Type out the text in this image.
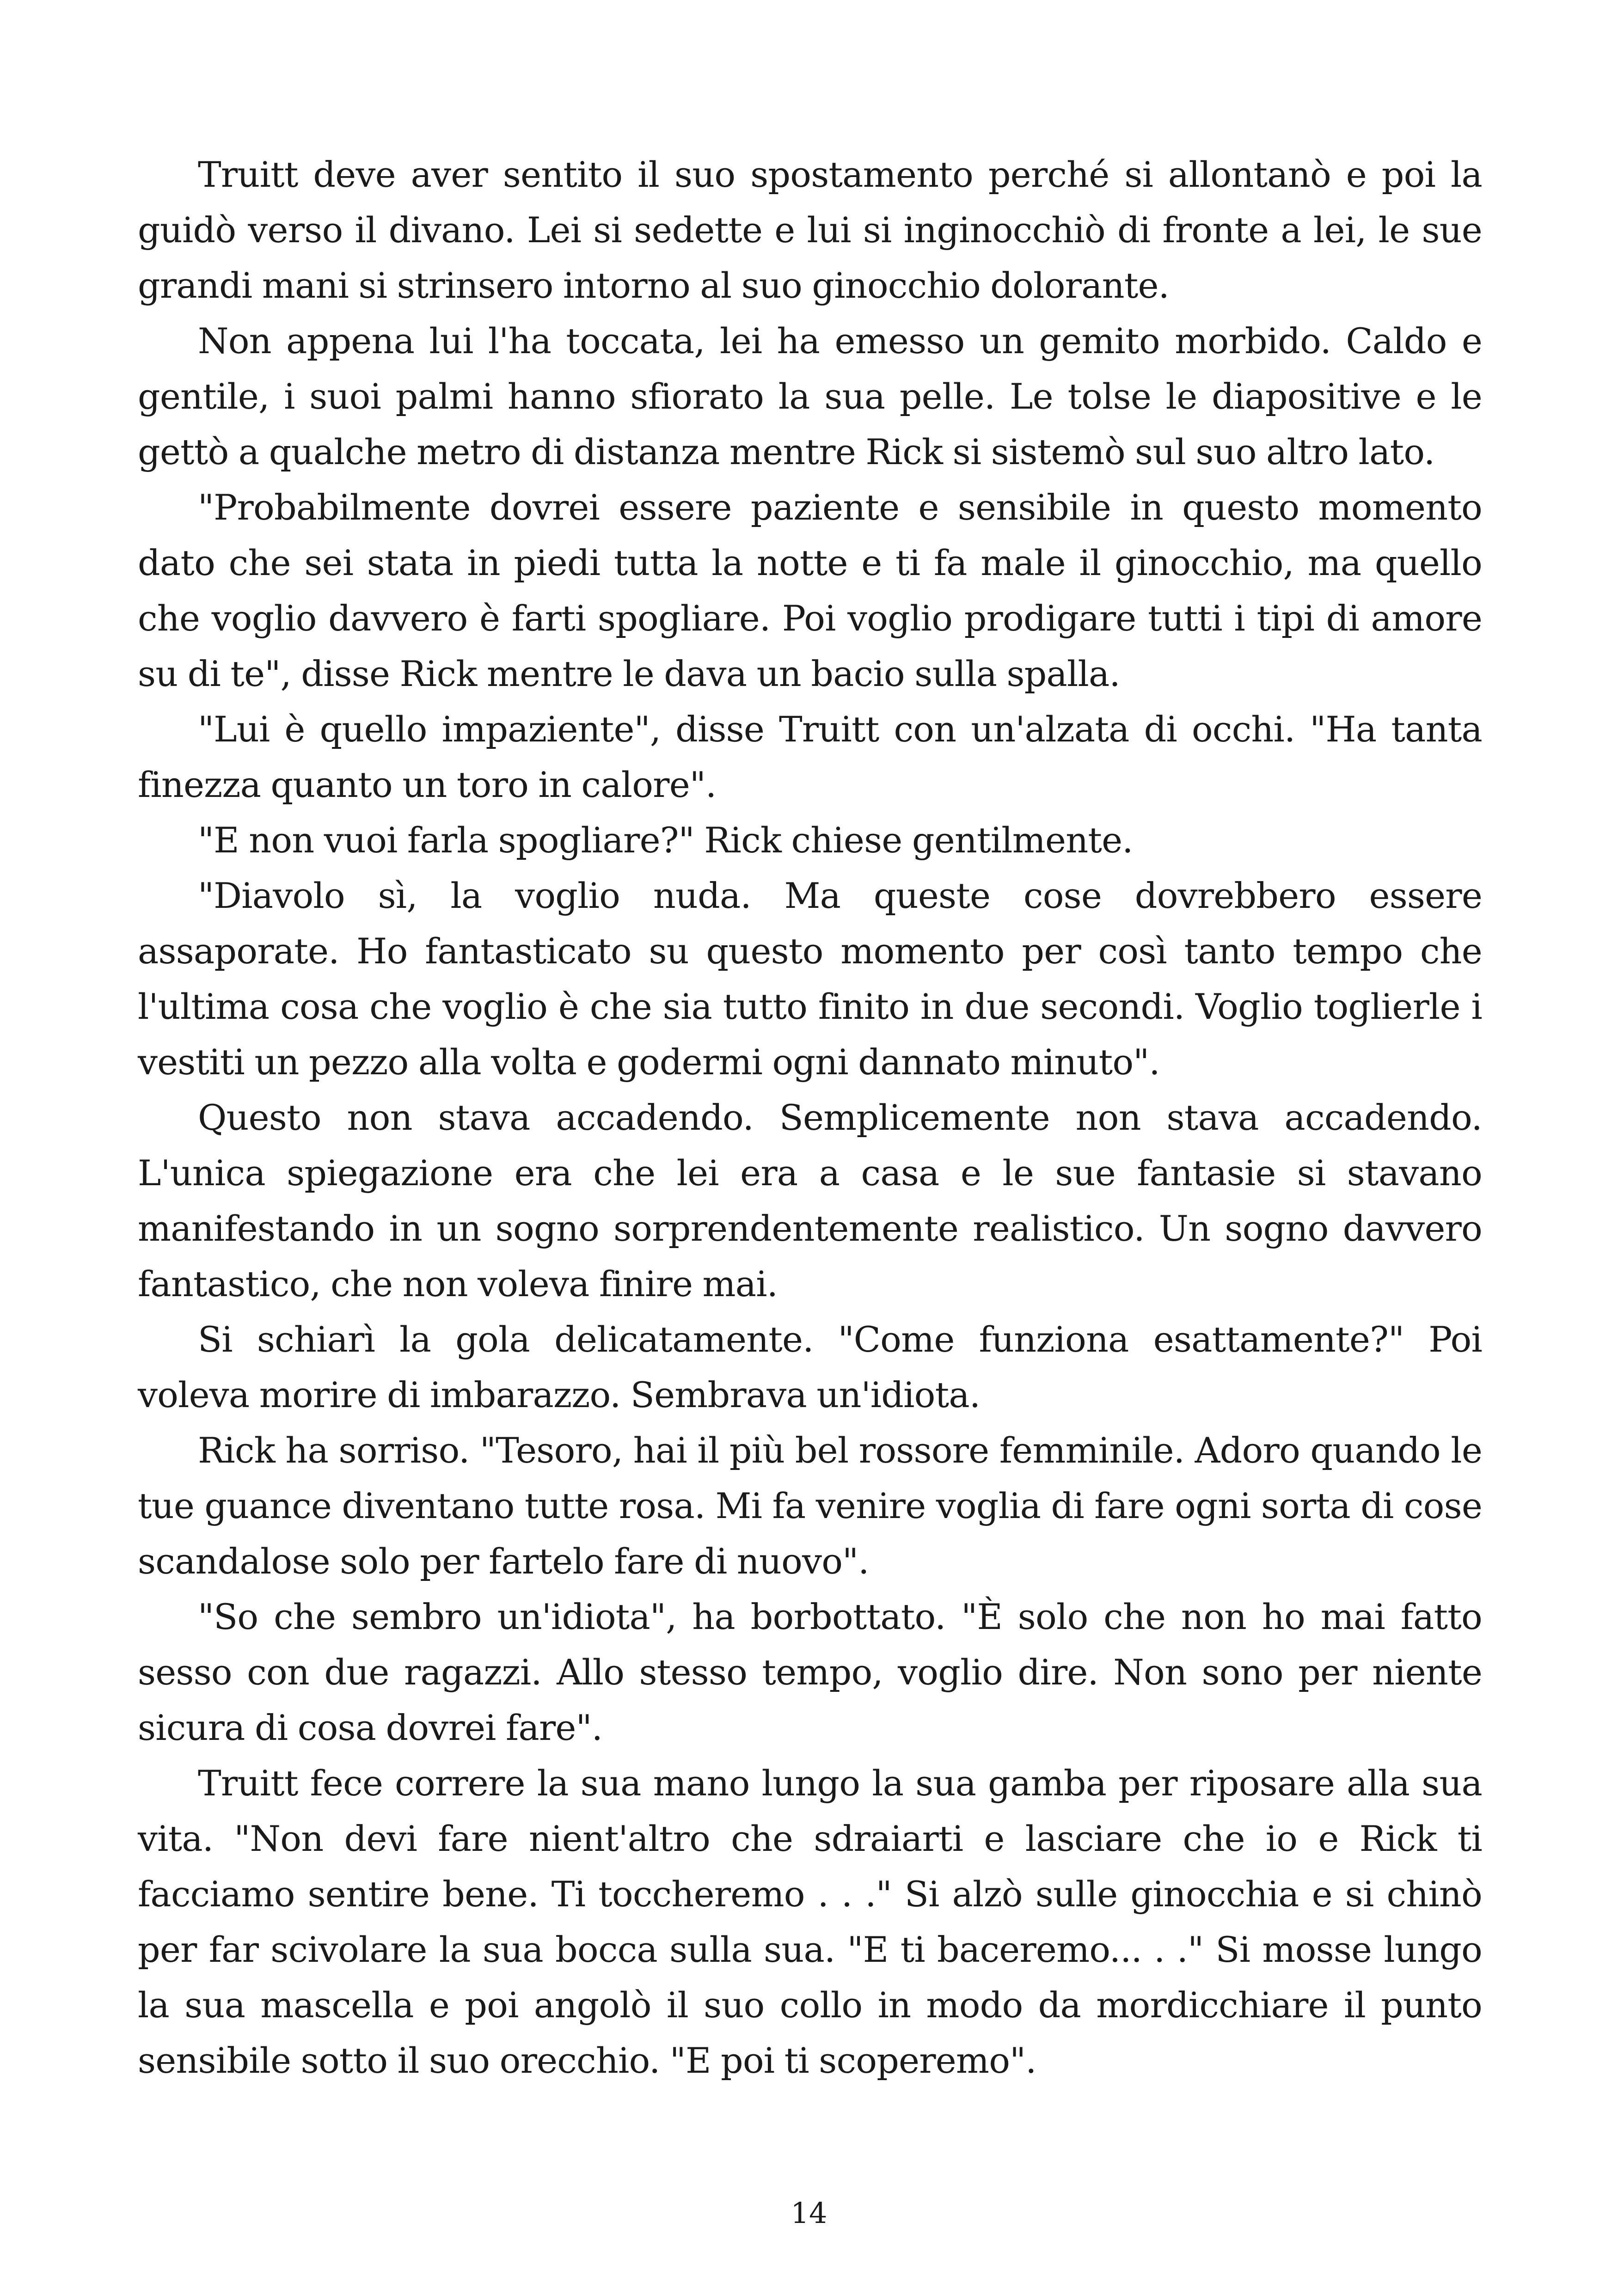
Truitt deve aver sentito il suo spostamento perché si allontanò e poi la guidò verso il divano. Lei si sedette e lui si inginocchiò di fronte a lei, le sue grandi mani si strinsero intorno al suo ginocchio dolorante.

Non appena lui l'ha toccata, lei ha emesso un gemito morbido. Caldo e gentile, i suoi palmi hanno sfiorato la sua pelle. Le tolse le diapositive e le gettò a qualche metro di distanza mentre Rick si sistemò sul suo altro lato.

"Probabilmente dovrei essere paziente e sensibile in questo momento dato che sei stata in piedi tutta la notte e ti fa male il ginocchio, ma quello che voglio davvero è farti spogliare. Poi voglio prodigare tutti i tipi di amore su di te", disse Rick mentre le dava un bacio sulla spalla.

"Lui è quello impaziente", disse Truitt con un'alzata di occhi. "Ha tanta finezza quanto un toro in calore".

"E non vuoi farla spogliare?" Rick chiese gentilmente.

"Diavolo sì, la voglio nuda. Ma queste cose dovrebbero essere assaporate. Ho fantasticato su questo momento per così tanto tempo che l'ultima cosa che voglio è che sia tutto finito in due secondi. Voglio toglierle i vestiti un pezzo alla volta e godermi ogni dannato minuto".

Questo non stava accadendo. Semplicemente non stava accadendo. L'unica spiegazione era che lei era a casa e le sue fantasie si stavano manifestando in un sogno sorprendentemente realistico. Un sogno davvero fantastico, che non voleva finire mai.

Si schiarì la gola delicatamente. "Come funziona esattamente?" Poi voleva morire di imbarazzo. Sembrava un'idiota.

Rick ha sorriso. "Tesoro, hai il più bel rossore femminile. Adoro quando le tue guance diventano tutte rosa. Mi fa venire voglia di fare ogni sorta di cose scandalose solo per fartelo fare di nuovo".

"So che sembro un'idiota", ha borbottato. "È solo che non ho mai fatto sesso con due ragazzi. Allo stesso tempo, voglio dire. Non sono per niente sicura di cosa dovrei fare".

Truitt fece correre la sua mano lungo la sua gamba per riposare alla sua vita. "Non devi fare nient'altro che sdraiarti e lasciare che io e Rick ti facciamo sentire bene. Ti toccheremo . . ." Si alzò sulle ginocchia e si chinò per far scivolare la sua bocca sulla sua. "E ti baceremo... . ." Si mosse lungo la sua mascella e poi angolò il suo collo in modo da mordicchiare il punto sensibile sotto il suo orecchio. "E poi ti scoperemo".

14
